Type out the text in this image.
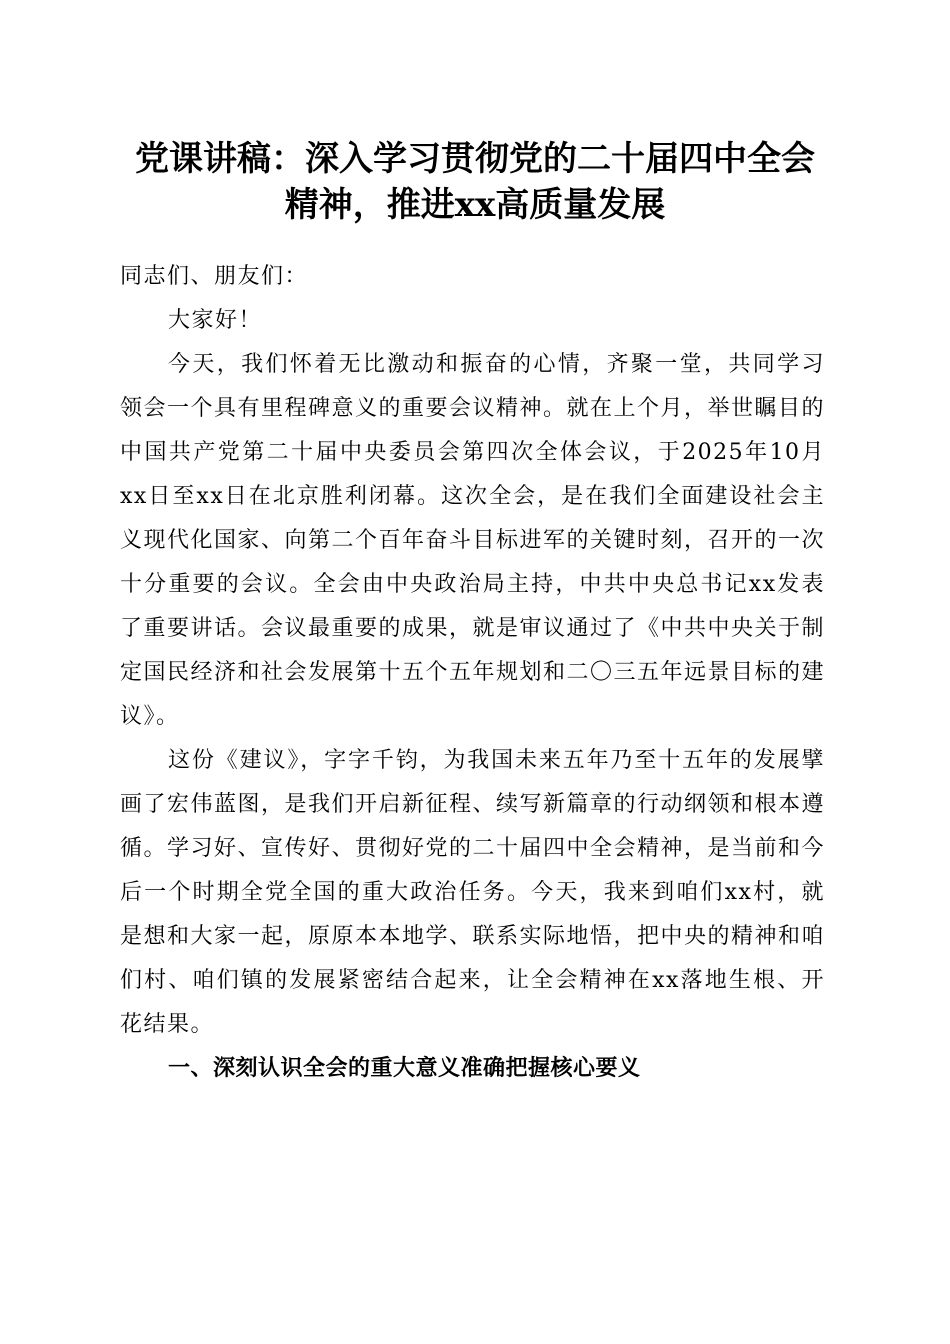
党课讲稿：深入学习贯彻党的二十届四中全会
精神，推进xx高质量发展

同志们、朋友们：

大家好！

今天，我们怀着无比激动和振奋的心情，齐聚一堂，共同学习领会一个具有里程碑意义的重要会议精神。就在上个月，举世瞩目的中国共产党第二十届中央委员会第四次全体会议，于2025年10月xx日至xx日在北京胜利闭幕。这次全会，是在我们全面建设社会主义现代化国家、向第二个百年奋斗目标进军的关键时刻，召开的一次十分重要的会议。全会由中央政治局主持，中共中央总书记xx发表了重要讲话。会议最重要的成果，就是审议通过了《中共中央关于制定国民经济和社会发展第十五个五年规划和二〇三五年远景目标的建议》。

这份《建议》，字字千钧，为我国未来五年乃至十五年的发展擘画了宏伟蓝图，是我们开启新征程、续写新篇章的行动纲领和根本遵循。学习好、宣传好、贯彻好党的二十届四中全会精神，是当前和今后一个时期全党全国的重大政治任务。今天，我来到咱们xx村，就是想和大家一起，原原本本地学、联系实际地悟，把中央的精神和咱们村、咱们镇的发展紧密结合起来，让全会精神在xx落地生根、开花结果。

一、深刻认识全会的重大意义准确把握核心要义
